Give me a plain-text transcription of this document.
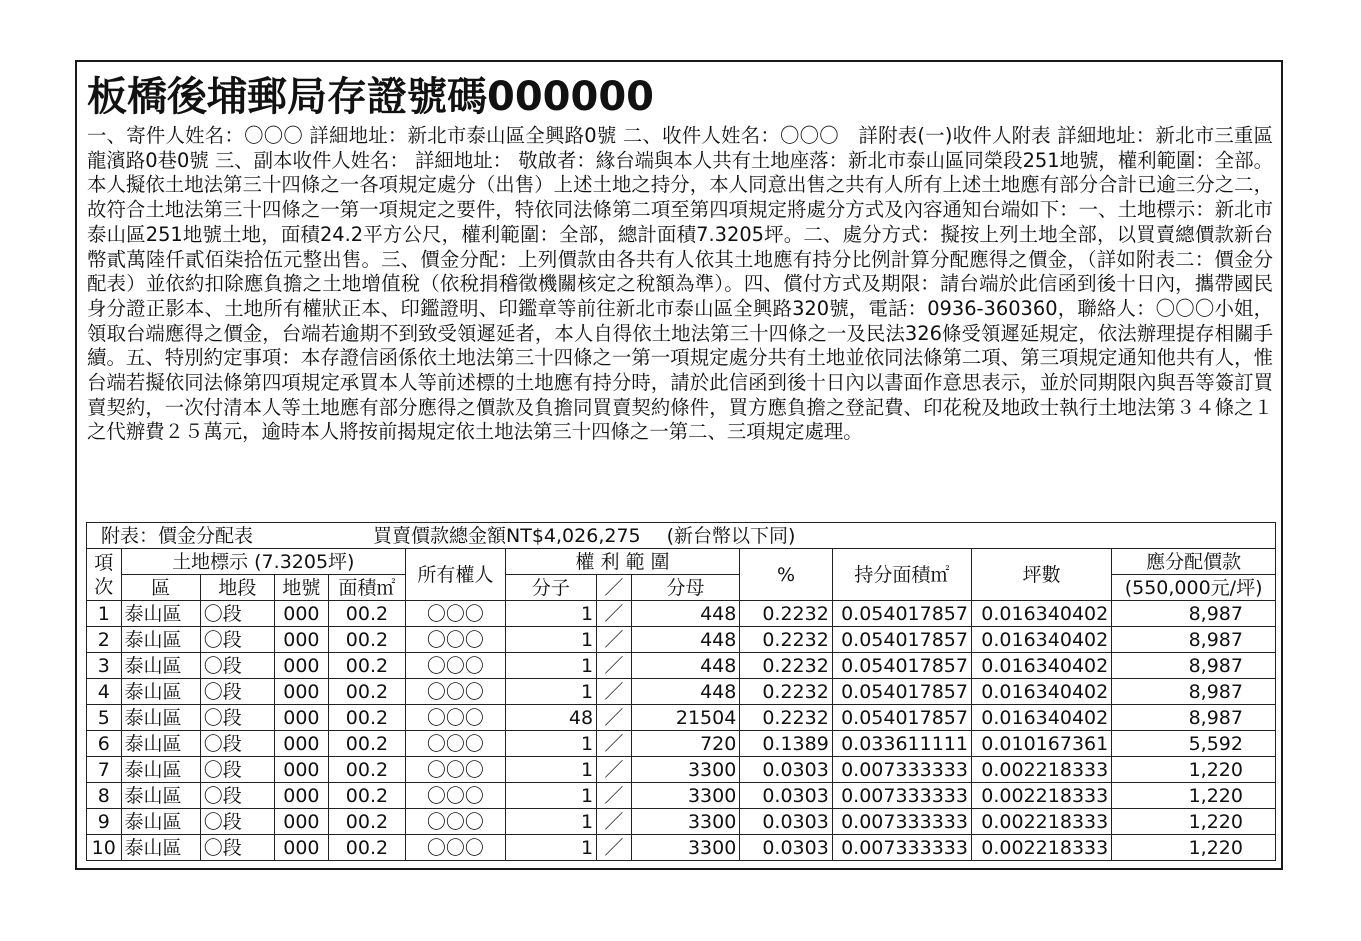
板橋後埔郵局存證號碼000000

一、寄件人姓名：〇〇〇 詳細地址：新北市泰山區全興路0號 二、收件人姓名：〇〇〇　詳附表(一)收件人附表 詳細地址：新北市三重區龍濱路0巷0號 三、副本收件人姓名： 詳細地址： 敬啟者：緣台端與本人共有土地座落：新北市泰山區同榮段251地號，權利範圍：全部。本人擬依土地法第三十四條之一各項規定處分（出售）上述土地之持分，本人同意出售之共有人所有上述土地應有部分合計已逾三分之二，故符合土地法第三十四條之一第一項規定之要件，特依同法條第二項至第四項規定將處分方式及內容通知台端如下：一、土地標示：新北市泰山區251地號土地，面積24.2平方公尺，權利範圍：全部，總計面積7.3205坪。二、處分方式：擬按上列土地全部，以買賣總價款新台幣貳萬陸仟貳佰柒拾伍元整出售。三、價金分配：上列價款由各共有人依其土地應有持分比例計算分配應得之價金，（詳如附表二：價金分配表）並依約扣除應負擔之土地增值稅（依稅捐稽徵機關核定之稅額為準）。四、償付方式及期限：請台端於此信函到後十日內，攜帶國民身分證正影本、土地所有權狀正本、印鑑證明、印鑑章等前往新北市泰山區全興路320號，電話：0936-360360，聯絡人：〇〇〇小姐，領取台端應得之價金，台端若逾期不到致受領遲延者，本人自得依土地法第三十四條之一及民法326條受領遲延規定，依法辦理提存相關手續。五、特別約定事項：本存證信函係依土地法第三十四條之一第一項規定處分共有土地並依同法條第二項、第三項規定通知他共有人，惟台端若擬依同法條第四項規定承買本人等前述標的土地應有持分時，請於此信函到後十日內以書面作意思表示，並於同期限內與吾等簽訂買賣契約，一次付清本人等土地應有部分應得之價款及負擔同買賣契約條件，買方應負擔之登記費、印花稅及地政士執行土地法第３４條之１之代辦費２５萬元，逾時本人將按前揭規定依土地法第三十四條之一第二、三項規定處理。

附表：價金分配表 買賣價款總金額NT$4,026,275 (新台幣以下同)												
項次	土地標示 (7.3205坪)				所有權人	權 利 範 圍			%	持分面積㎡	坪數	應分配價款
	區	地段	地號	面積㎡		分子	／	分母				(550,000元/坪)
1	泰山區	〇段	000	00.2	〇〇〇	1	／	448	0.2232	0.054017857	0.016340402	8,987
2	泰山區	〇段	000	00.2	〇〇〇	1	／	448	0.2232	0.054017857	0.016340402	8,987
3	泰山區	〇段	000	00.2	〇〇〇	1	／	448	0.2232	0.054017857	0.016340402	8,987
4	泰山區	〇段	000	00.2	〇〇〇	1	／	448	0.2232	0.054017857	0.016340402	8,987
5	泰山區	〇段	000	00.2	〇〇〇	48	／	21504	0.2232	0.054017857	0.016340402	8,987
6	泰山區	〇段	000	00.2	〇〇〇	1	／	720	0.1389	0.033611111	0.010167361	5,592
7	泰山區	〇段	000	00.2	〇〇〇	1	／	3300	0.0303	0.007333333	0.002218333	1,220
8	泰山區	〇段	000	00.2	〇〇〇	1	／	3300	0.0303	0.007333333	0.002218333	1,220
9	泰山區	〇段	000	00.2	〇〇〇	1	／	3300	0.0303	0.007333333	0.002218333	1,220
10	泰山區	〇段	000	00.2	〇〇〇	1	／	3300	0.0303	0.007333333	0.002218333	1,220
